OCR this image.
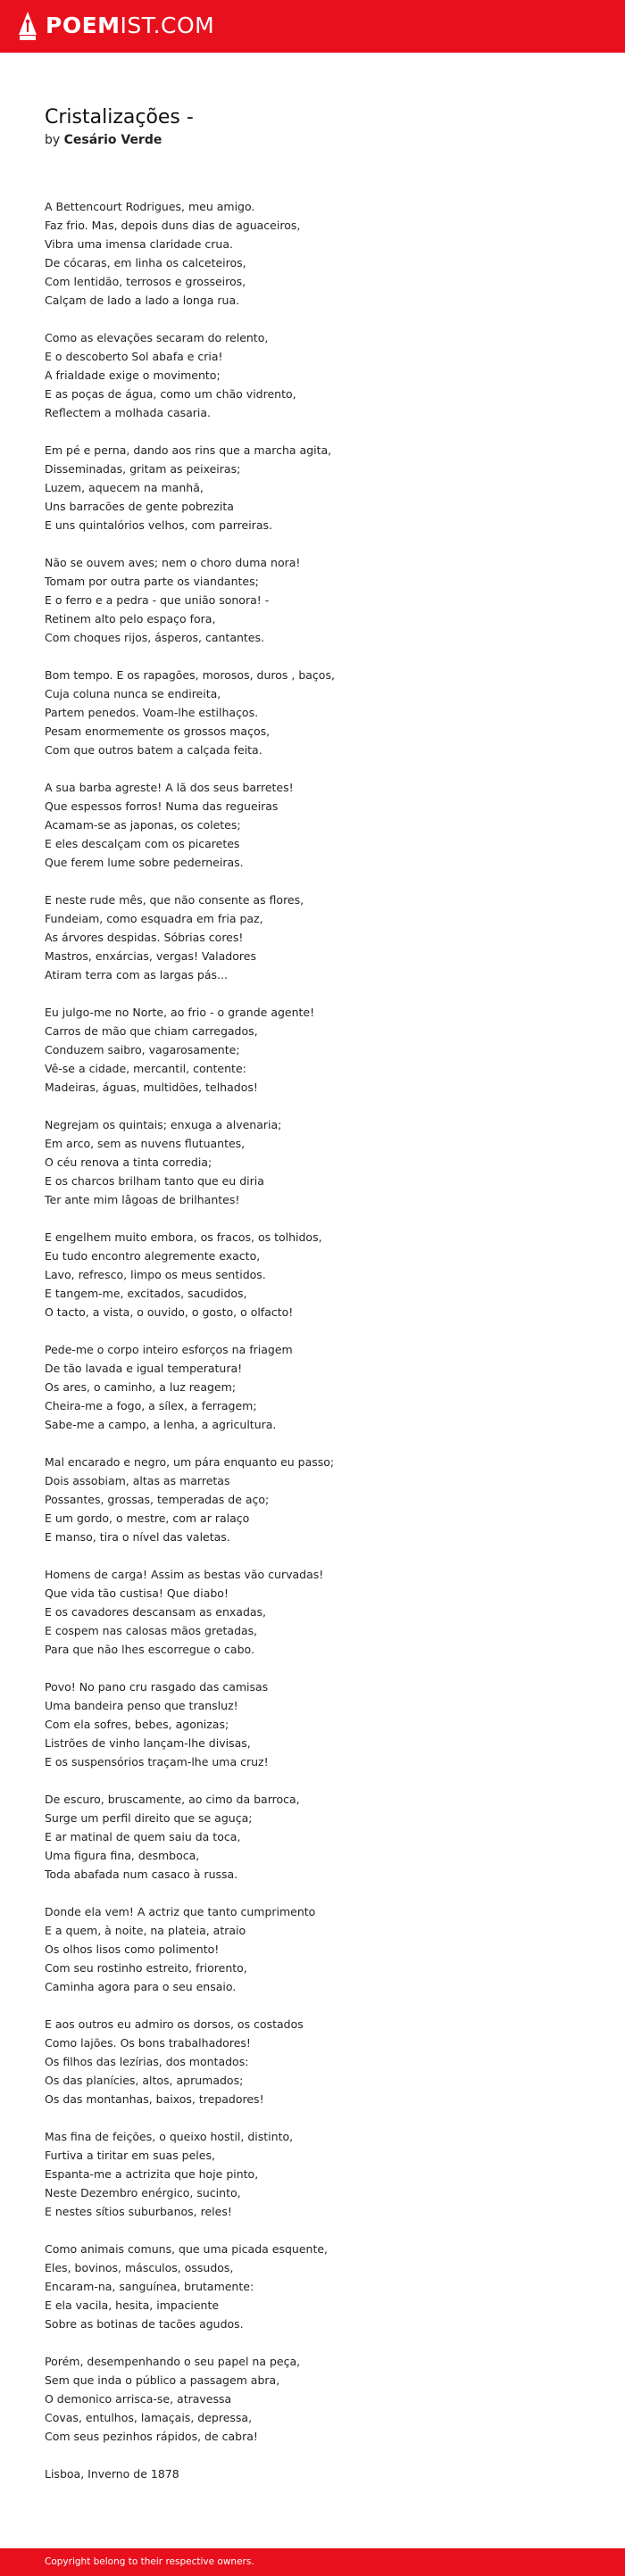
POEMIST.COM
Cristalizações -
by Cesário Verde
A Bettencourt Rodrigues, meu amigo.
Faz frio. Mas, depois duns dias de aguaceiros,
Vibra uma imensa claridade crua.
De cócaras, em linha os calceteiros,
Com lentidão, terrosos e grosseiros,
Calçam de lado a lado a longa rua.
Como as elevações secaram do relento,
E o descoberto Sol abafa e cria!
A frialdade exige o movimento;
E as poças de água, como um chão vidrento,
Reflectem a molhada casaria.
Em pé e perna, dando aos rins que a marcha agita,
Disseminadas, gritam as peixeiras;
Luzem, aquecem na manhã,
Uns barracões de gente pobrezita
E uns quintalórios velhos, com parreiras.
Não se ouvem aves; nem o choro duma nora!
Tomam por outra parte os viandantes;
E o ferro e a pedra - que união sonora! -
Retinem alto pelo espaço fora,
Com choques rijos, ásperos, cantantes.
Bom tempo. E os rapagões, morosos, duros , baços,
Cuja coluna nunca se endireita,
Partem penedos. Voam-lhe estilhaços.
Pesam enormemente os grossos maços,
Com que outros batem a calçada feita.
A sua barba agreste! A lã dos seus barretes!
Que espessos forros! Numa das regueiras
Acamam-se as japonas, os coletes;
E eles descalçam com os picaretes
Que ferem lume sobre pederneiras.
E neste rude mês, que não consente as flores,
Fundeiam, como esquadra em fria paz,
As árvores despidas. Sóbrias cores!
Mastros, enxárcias, vergas! Valadores
Atiram terra com as largas pás...
Eu julgo-me no Norte, ao frio - o grande agente!
Carros de mão que chiam carregados,
Conduzem saibro, vagarosamente;
Vê-se a cidade, mercantil, contente:
Madeiras, águas, multidões, telhados!
Negrejam os quintais; enxuga a alvenaria;
Em arco, sem as nuvens flutuantes,
O céu renova a tinta corredia;
E os charcos brilham tanto que eu diria
Ter ante mim lâgoas de brilhantes!
E engelhem muito embora, os fracos, os tolhidos,
Eu tudo encontro alegremente exacto,
Lavo, refresco, limpo os meus sentidos.
E tangem-me, excitados, sacudidos,
O tacto, a vista, o ouvido, o gosto, o olfacto!
Pede-me o corpo inteiro esforços na friagem
De tão lavada e igual temperatura!
Os ares, o caminho, a luz reagem;
Cheira-me a fogo, a sílex, a ferragem;
Sabe-me a campo, a lenha, a agricultura.
Mal encarado e negro, um pára enquanto eu passo;
Dois assobiam, altas as marretas
Possantes, grossas, temperadas de aço;
E um gordo, o mestre, com ar ralaço
E manso, tira o nível das valetas.
Homens de carga! Assim as bestas vão curvadas!
Que vida tão custisa! Que diabo!
E os cavadores descansam as enxadas,
E cospem nas calosas mãos gretadas,
Para que não lhes escorregue o cabo.
Povo! No pano cru rasgado das camisas
Uma bandeira penso que transluz!
Com ela sofres, bebes, agonizas;
Listrões de vinho lançam-lhe divisas,
E os suspensórios traçam-lhe uma cruz!
De escuro, bruscamente, ao cimo da barroca,
Surge um perfil direito que se aguça;
E ar matinal de quem saiu da toca,
Uma figura fina, desmboca,
Toda abafada num casaco à russa.
Donde ela vem! A actriz que tanto cumprimento
E a quem, à noite, na plateia, atraio
Os olhos lisos como polimento!
Com seu rostinho estreito, friorento,
Caminha agora para o seu ensaio.
E aos outros eu admiro os dorsos, os costados
Como lajões. Os bons trabalhadores!
Os filhos das lezírias, dos montados:
Os das planícies, altos, aprumados;
Os das montanhas, baixos, trepadores!
Mas fina de feições, o queixo hostil, distinto,
Furtiva a tiritar em suas peles,
Espanta-me a actrizita que hoje pinto,
Neste Dezembro enérgico, sucinto,
E nestes sítios suburbanos, reles!
Como animais comuns, que uma picada esquente,
Eles, bovinos, másculos, ossudos,
Encaram-na, sanguínea, brutamente:
E ela vacila, hesita, impaciente
Sobre as botinas de tacões agudos.
Porém, desempenhando o seu papel na peça,
Sem que inda o público a passagem abra,
O demonico arrisca-se, atravessa
Covas, entulhos, lamaçais, depressa,
Com seus pezinhos rápidos, de cabra!
Lisboa, Inverno de 1878
Copyright belong to their respective owners.
